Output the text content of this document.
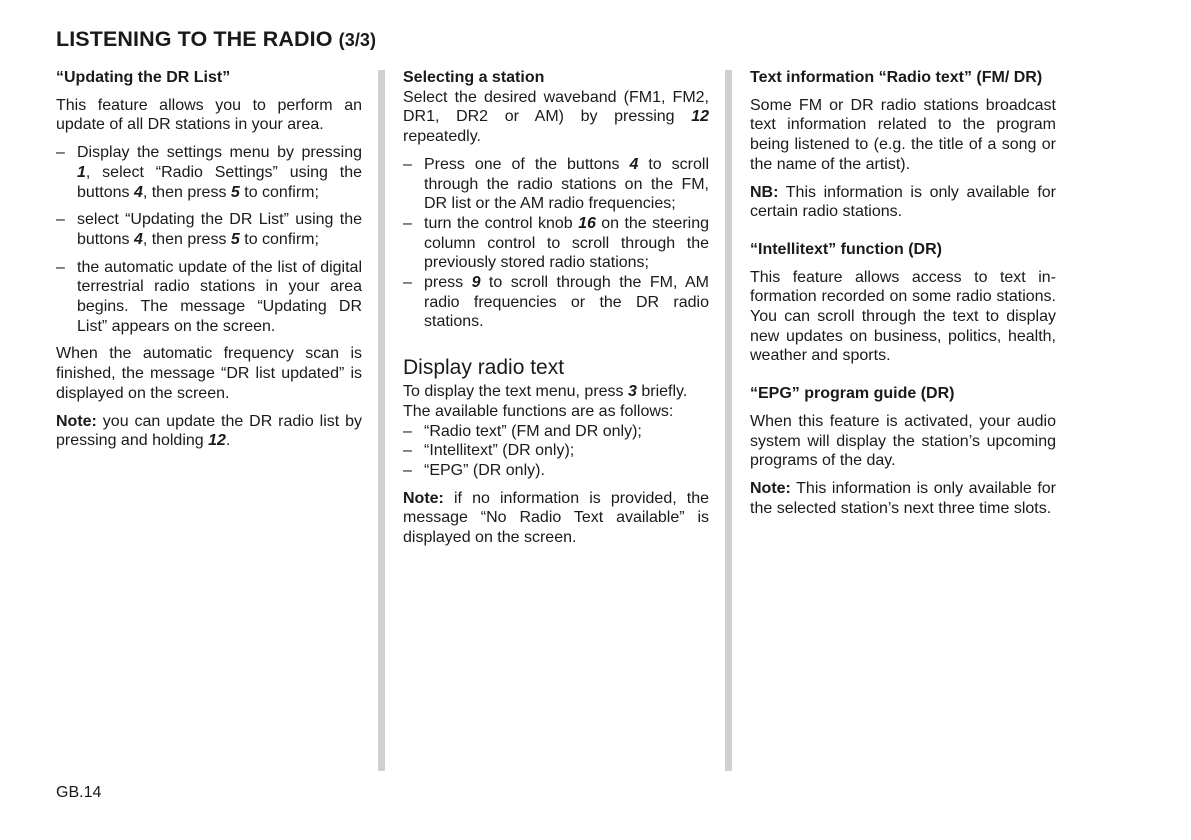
LISTENING TO THE RADIO (3/3)

“Updating the DR List”

This feature allows you to perform an update of all DR stations in your area.

– Display the settings menu by pressing 1, select “Radio Settings” using the buttons 4, then press 5 to confirm;
– select “Updating the DR List” using the buttons 4, then press 5 to confirm;
– the automatic update of the list of digital terrestrial radio stations in your area begins. The message “Updating DR List” appears on the screen.

When the automatic frequency scan is finished, the message “DR list updated” is displayed on the screen.

Note: you can update the DR radio list by pressing and holding 12.

Selecting a station

Select the desired waveband (FM1, FM2, DR1, DR2 or AM) by pressing 12 repeatedly.

– Press one of the buttons 4 to scroll through the radio stations on the FM, DR list or the AM radio frequencies;
– turn the control knob 16 on the steering column control to scroll through the previously stored radio stations;
– press 9 to scroll through the FM, AM radio frequencies or the DR radio stations.
Display radio text

To display the text menu, press 3 briefly.

The available functions are as follows:

– “Radio text” (FM and DR only);
– “Intellitext” (DR only);
– “EPG” (DR only).

Note: if no information is provided, the message “No Radio Text available” is displayed on the screen.

Text information “Radio text” (FM/ DR)

Some FM or DR radio stations broadcast text information related to the program being listened to (e.g. the title of a song or the name of the artist).

NB: This information is only available for certain radio stations.

“Intellitext” function (DR)

This feature allows access to text information recorded on some radio stations. You can scroll through the text to display new updates on business, politics, health, weather and sports.

“EPG” program guide (DR)

When this feature is activated, your audio system will display the station’s upcoming programs of the day.

Note: This information is only available for the selected station’s next three time slots.

GB.14
